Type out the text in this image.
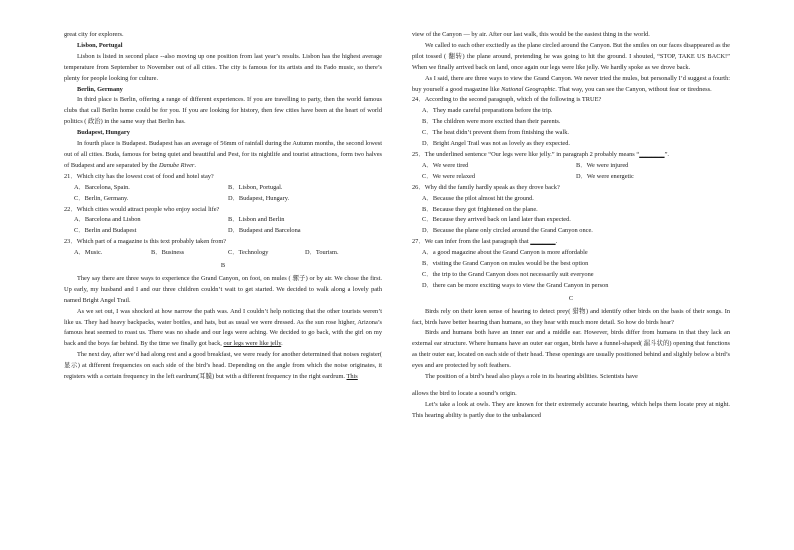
great city for explorers.

Lisbon, Portugal

Lisbon is listed in second place --also moving up one position from last year’s results. Lisbon has the highest average temperature from September to November out of all cities. The city is famous for its artists and its Fado music, so there’s plenty for people looking for culture.

Berlin, Germany

In third place is Berlin, offering a range of different experiences. If you are travelling to party, then the world famous clubs that call Berlin home could be for you. If you are looking for history, then few cities have been at the heart of world politics ( 政治) in the same way that Berlin has.

Budapest, Hungary

In fourth place is Budapest. Budapest has an average of 56mm of rainfall during the Autumn months, the second lowest out of all cities. Buda, famous for being quiet and beautiful and Pest, for its nightlife and tourist attractions, form two halves of Budapest and are separated by the Danube River.

21．Which city has the lowest cost of food and hotel stay?

A．Barcelona, Spain.	B．Lisbon, Portugal.
C．Berlin, Germany.	D．Budapest, Hungary.

22．Which cities would attract people who enjoy social life?

A．Barcelona and Lisbon	B．Lisbon and Berlin
C．Berlin and Budapest	D．Budapest and Barcelona

23．Which part of a magazine is this text probably taken from?

A．Music.	B．Business	C．Technology	D．Tourism.

B

They say there are three ways to experience the Grand Canyon, on foot, on mules ( 骡子) or by air. We chose the first. Up early, my husband and I and our three children couldn’t wait to get started. We decided to walk along a lovely path named Bright Angel Trail.

As we set out, I was shocked at how narrow the path was. And I couldn’t help noticing that the other tourists weren’t like us. They had heavy backpacks, water bottles, and hats, but as usual we were dressed. As the sun rose higher, Arizona’s famous heat seemed to roast us. There was no shade and our legs were aching. We decided to go back, with the girl on my back and the boys far behind. By the time we finally got back, our legs were like jelly.

The next day, after we’d had along rest and a good breakfast, we were ready for another determined that noises register( 显示) at different frequencies on each side of the bird’s head. Depending on the angle from which the noise originates, it registers with a certain frequency in the left eardrum(耳膜) but with a different frequency in the right eardrum. This

view of the Canyon — by air. After our last walk, this would be the easiest thing in the world.

We called to each other excitedly as the plane circled around the Canyon. But the smiles on our faces disappeared as the pilot tossed ( 翻转) the plane around, pretending he was going to hit the ground. I shouted, “STOP, TAKE US BACK!” When we finally arrived back on land, once again our legs were like jelly. We hardly spoke as we drove back.

As I said, there are three ways to view the Grand Canyon. We never tried the mules, but personally I’d suggest a fourth: buy yourself a good magazine like National Geographic. That way, you can see the Canyon, without fear or tiredness.

24．According to the second paragraph, which of the following is TRUE?

A．They made careful preparations before the trip.

B．The children were more excited than their parents.

C．The heat didn’t prevent them from finishing the walk.

D．Bright Angel Trail was not as lovely as they expected.

25．The underlined sentence “Our legs were like jelly.” in paragraph 2 probably means “________”.

A．We were tired	B．We were injured
C．We were relaxed	D．We were energetic

26．Why did the family hardly speak as they drove back?

A．Because the pilot almost hit the ground.

B．Because they got frightened on the plane.

C．Because they arrived back on land later than expected.

D．Because the plane only circled around the Grand Canyon once.

27．We can infer from the last paragraph that ________.

A．a good magazine about the Grand Canyon is more affordable

B．visiting the Grand Canyon on mules would be the best option

C．the trip to the Grand Canyon does not necessarily suit everyone

D．there can be more exciting ways to view the Grand Canyon in person

C

Birds rely on their keen sense of hearing to detect prey( 猎物) and identify other birds on the basis of their songs. In fact, birds have better hearing than humans, so they hear with much more detail. So how do birds hear?

Birds and humans both have an inner ear and a middle ear. However, birds differ from humans in that they lack an external ear structure. Where humans have an outer ear organ, birds have a funnel-shaped( 漏斗状的) opening that functions as their outer ear, located on each side of their head. These openings are usually positioned behind and slightly below a bird’s eyes and are protected by soft feathers.

The position of a bird’s head also plays a role in its hearing abilities. Scientists have

allows the bird to locate a sound’s origin.

Let’s take a look at owls. They are known for their extremely accurate hearing, which helps them locate prey at night. This hearing ability is partly due to the unbalanced
